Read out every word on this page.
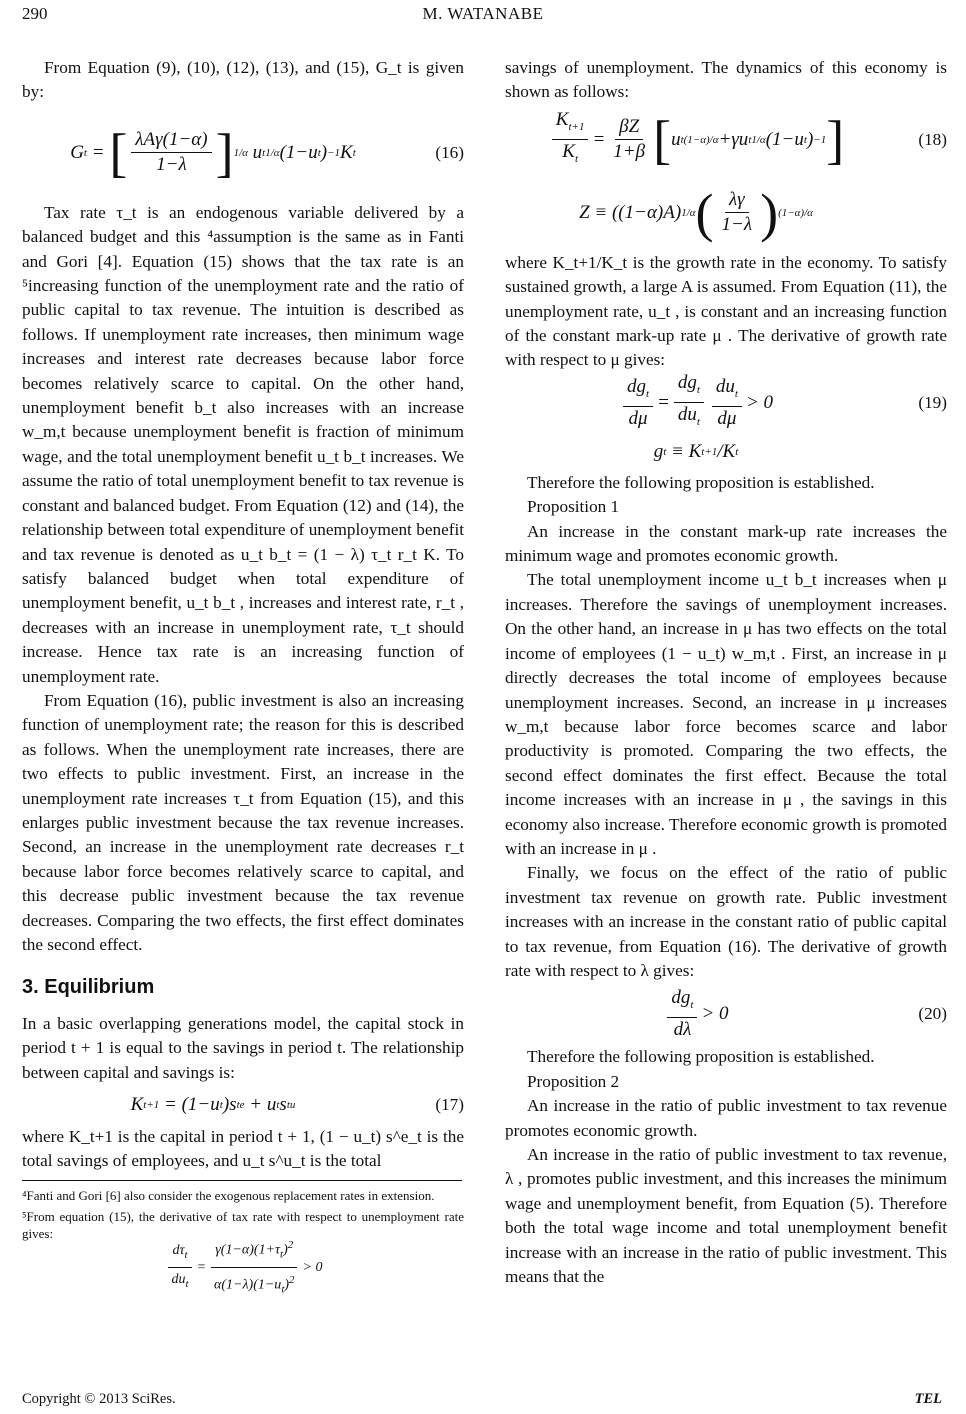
290	M. WATANABE

From Equation (9), (10), (12), (13), and (15), G_t is given by:

G t = [ $\frac{\text{λAγ(1−α)}}{1-\lambda}$ ] 1/α u t 1/α (1−u t ) −1 K t	(16)

Tax rate τ_t is an endogenous variable delivered by a balanced budget and this ⁴assumption is the same as in Fanti and Gori [4]. Equation (15) shows that the tax rate is an ⁵increasing function of the unemployment rate and the ratio of public capital to tax revenue. The intuition is described as follows. If unemployment rate increases, then minimum wage increases and interest rate decreases because labor force becomes relatively scarce to capital. On the other hand, unemployment benefit b_t also increases with an increase w_m,t because unemployment benefit is fraction of minimum wage, and the total unemployment benefit u_t b_t increases. We assume the ratio of total unemployment benefit to tax revenue is constant and balanced budget. From Equation (12) and (14), the relationship between total expenditure of unemployment benefit and tax revenue is denoted as u_t b_t = (1 − λ) τ_t r_t K. To satisfy balanced budget when total expenditure of unemployment benefit, u_t b_t , increases and interest rate, r_t , decreases with an increase in unemployment rate, τ_t should increase. Hence tax rate is an increasing function of unemployment rate.

From Equation (16), public investment is also an increasing function of unemployment rate; the reason for this is described as follows. When the unemployment rate increases, there are two effects to public investment. First, an increase in the unemployment rate increases τ_t from Equation (15), and this enlarges public investment because the tax revenue increases. Second, an increase in the unemployment rate decreases r_t because labor force becomes relatively scarce to capital, and this decrease public investment because the tax revenue decreases. Comparing the two effects, the first effect dominates the second effect.

3. Equilibrium

In a basic overlapping generations model, the capital stock in period t + 1 is equal to the savings in period t. The relationship between capital and savings is:

K t+1 = (1−u t )s t e + u t s t u	(17)

where K_t+1 is the capital in period t + 1, (1 − u_t) s^e_t is the total savings of employees, and u_t s^u_t is the total

⁴Fanti and Gori [6] also consider the exogenous replacement rates in extension.
⁵From equation (15), the derivative of tax rate with respect to unemployment rate gives:
$\frac{d\tau_t}{du_t} = \frac{\gamma(1-\alpha)(1+\tau_t)^2}{\alpha(1-\lambda)(1-u_t)^2} > 0$

savings of unemployment. The dynamics of this economy is shown as follows:

$\frac{K_{t+1}}{K_t} = \frac{\beta Z}{1+\beta}$ [ u t (1−α)/α +γu t 1/α (1−u t ) −1 ]	(18)
Z ≡ ((1−α)A) 1/α ( $\frac{\lambda\gamma}{1-\lambda}$ ) (1−α)/α

where K_t+1/K_t is the growth rate in the economy. To satisfy sustained growth, a large A is assumed. From Equation (11), the unemployment rate, u_t , is constant and an increasing function of the constant mark-up rate μ . The derivative of growth rate with respect to μ gives:

$\frac{dg_t}{d\mu} = \frac{dg_t}{du_t} \frac{du_t}{d\mu} > 0$	(19)
g t ≡ K t+1 /K t

Therefore the following proposition is established.

Proposition 1

An increase in the constant mark-up rate increases the minimum wage and promotes economic growth.

The total unemployment income u_t b_t increases when μ increases. Therefore the savings of unemployment increases. On the other hand, an increase in μ has two effects on the total income of employees (1 − u_t) w_m,t . First, an increase in μ directly decreases the total income of employees because unemployment increases. Second, an increase in μ increases w_m,t because labor force becomes scarce and labor productivity is promoted. Comparing the two effects, the second effect dominates the first effect. Because the total income increases with an increase in μ , the savings in this economy also increase. Therefore economic growth is promoted with an increase in μ .

Finally, we focus on the effect of the ratio of public investment tax revenue on growth rate. Public investment increases with an increase in the constant ratio of public capital to tax revenue, from Equation (16). The derivative of growth rate with respect to λ gives:

$\frac{dg_t}{d\lambda} > 0$	(20)

Therefore the following proposition is established.

Proposition 2

An increase in the ratio of public investment to tax revenue promotes economic growth.

An increase in the ratio of public investment to tax revenue, λ , promotes public investment, and this increases the minimum wage and unemployment benefit, from Equation (5). Therefore both the total wage income and total unemployment benefit increase with an increase in the ratio of public investment. This means that the

Copyright © 2013 SciRes.	TEL
